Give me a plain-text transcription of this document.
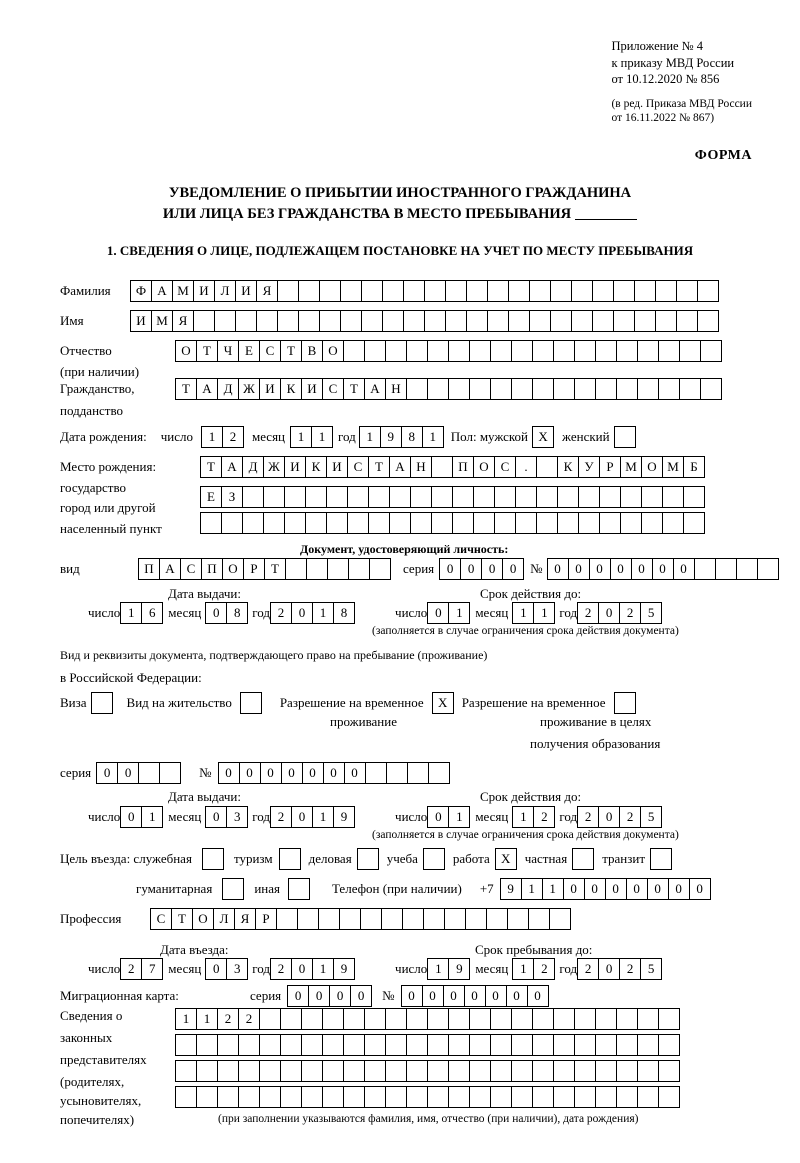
Приложение № 4
к приказу МВД России
от 10.12.2020 № 856
(в ред. Приказа МВД России
от 16.11.2022 № 867)
ФОРМА
УВЕДОМЛЕНИЕ О ПРИБЫТИИ ИНОСТРАННОГО ГРАЖДАНИНА
ИЛИ ЛИЦА БЕЗ ГРАЖДАНСТВА В МЕСТО ПРЕБЫВАНИЯ
1. СВЕДЕНИЯ О ЛИЦЕ, ПОДЛЕЖАЩЕМ ПОСТАНОВКЕ НА УЧЕТ ПО МЕСТУ ПРЕБЫВАНИЯ
Фамилия	Ф А М И Л И Я
Имя	И М Я
Отчество	О Т Ч Е С Т В О
(при наличии)
Гражданство,	Т А Д Ж И К И С Т А Н
подданство
Дата рождения: число	1	2	месяц 1	1 год 1	9	8	1	Пол: мужской X	женский
Место рождения:	Т А Д Ж И К И С Т А Н	П О С	.	К У Р М О М Б
государство
Е	З
город или другой
населенный пункт
Документ, удостоверяющий личность:
вид	П А С П О Р	Т	серия 0	0	0	0	№ 0	0	0	0	0	0	0
Дата выдачи:	Срок действия до:
число 1	6 месяц 0	8 год 2	0	1	8	число 0	1 месяц 1	1 год 2	0	2	5
(заполняется в случае ограничения срока действия документа)
Вид и реквизиты документа, подтверждающего право на пребывание (проживание)
в Российской Федерации:
Виза	Вид на жительство	Разрешение на временное	X	Разрешение на временное
проживание	проживание в целях
получения образования
серия 0	0	№	0	0	0	0	0	0	0
Дата выдачи:	Срок действия до:
число 0	1 месяц 0	3 год 2	0	1	9	число 0	1 месяц 1	2 год 2	0	2	5
(заполняется в случае ограничения срока действия документа)
Цель въезда: служебная	туризм	деловая	учеба	работа X	частная	транзит
гуманитарная	иная	Телефон (при наличии) +7	9	1	1	0	0	0	0	0	0	0
Профессия	С Т О Л Я	Р
Дата въезда:	Срок пребывания до:
число 2	7 месяц 0	3 год 2	0	1	9	число 1	9 месяц 1	2 год 2	0	2	5
Миграционная карта:	серия	0	0	0	0	№	0	0	0	0	0	0	0
Сведения о
законных
представителях
(родителях,
усыновителях,
попечителях)
1	1	2	2
(при заполнении указываются фамилия, имя, отчество (при наличии), дата рождения)
